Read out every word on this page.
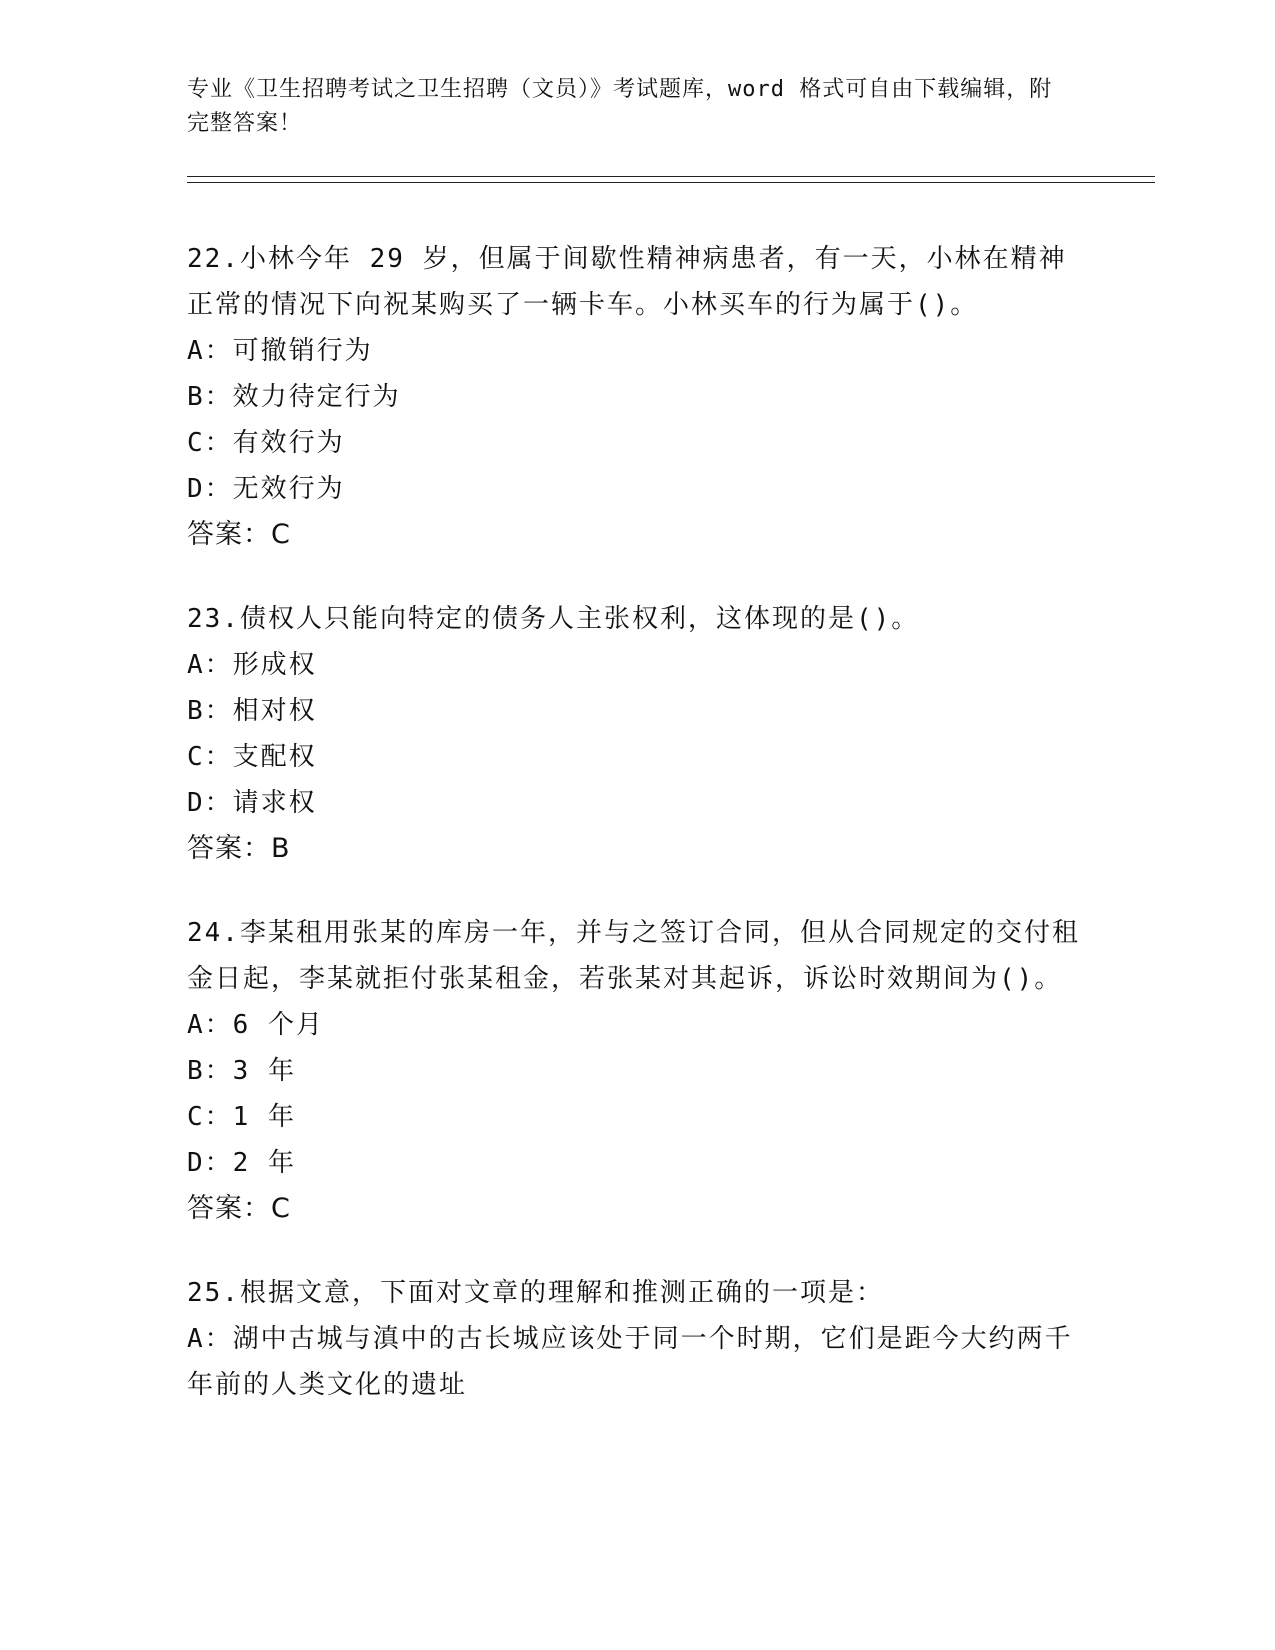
专业《卫生招聘考试之卫生招聘（文员）》考试题库，word 格式可自由下载编辑，附完整答案！
22.小林今年 29 岁，但属于间歇性精神病患者，有一天，小林在精神正常的情况下向祝某购买了一辆卡车。小林买车的行为属于()。
A：可撤销行为
B：效力待定行为
C：有效行为
D：无效行为
答案：C
23.债权人只能向特定的债务人主张权利，这体现的是()。
A：形成权
B：相对权
C：支配权
D：请求权
答案：B
24.李某租用张某的库房一年，并与之签订合同，但从合同规定的交付租金日起，李某就拒付张某租金，若张某对其起诉，诉讼时效期间为()。
A：6 个月
B：3 年
C：1 年
D：2 年
答案：C
25.根据文意，下面对文章的理解和推测正确的一项是：
A：湖中古城与滇中的古长城应该处于同一个时期，它们是距今大约两千年前的人类文化的遗址
